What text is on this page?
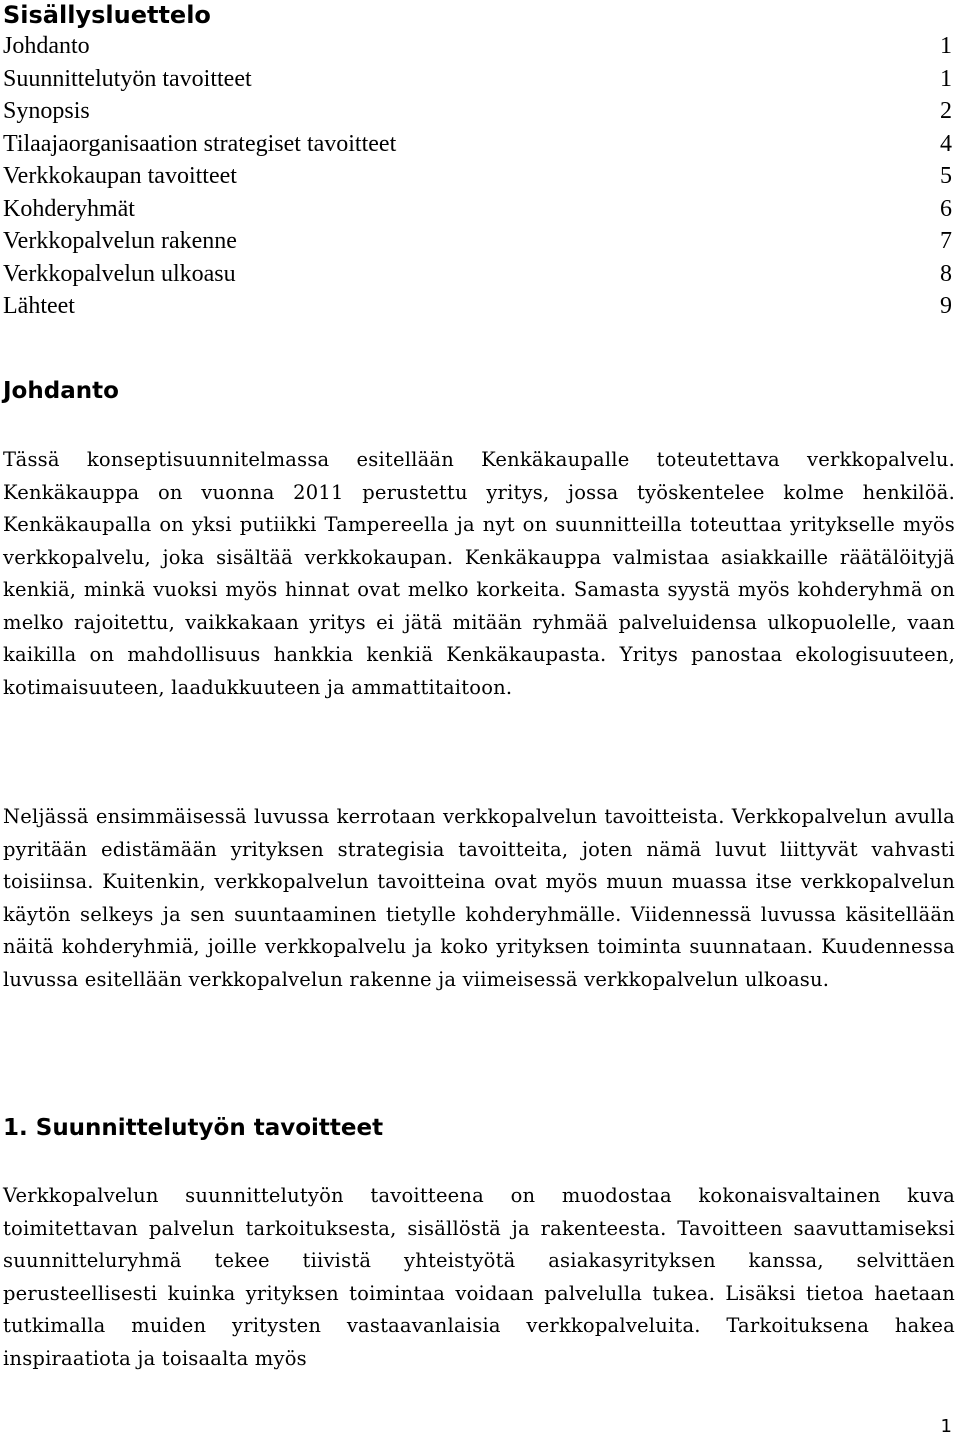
Sisällysluettelo
Johdanto	1
Suunnittelutyön tavoitteet	1
Synopsis	2
Tilaajaorganisaation strategiset tavoitteet	4
Verkkokaupan tavoitteet	5
Kohderyhmät	6
Verkkopalvelun rakenne	7
Verkkopalvelun ulkoasu	8
Lähteet	9
Johdanto

Tässä konseptisuunnitelmassa esitellään Kenkäkaupalle toteutettava verkkopalvelu. Kenkäkauppa on vuonna 2011 perustettu yritys, jossa työskentelee kolme henkilöä. Kenkäkaupalla on yksi putiikki Tampereella ja nyt on suunnitteilla toteuttaa yritykselle myös verkkopalvelu, joka sisältää verkkokaupan. Kenkäkauppa valmistaa asiakkaille räätälöityjä kenkiä, minkä vuoksi myös hinnat ovat melko korkeita. Samasta syystä myös kohderyhmä on melko rajoitettu, vaikkakaan yritys ei jätä mitään ryhmää palveluidensa ulkopuolelle, vaan kaikilla on mahdollisuus hankkia kenkiä Kenkäkaupasta. Yritys panostaa ekologisuuteen, kotimaisuuteen, laadukkuuteen ja ammattitaitoon.

Neljässä ensimmäisessä luvussa kerrotaan verkkopalvelun tavoitteista. Verkkopalvelun avulla pyritään edistämään yrityksen strategisia tavoitteita, joten nämä luvut liittyvät vahvasti toisiinsa. Kuitenkin, verkkopalvelun tavoitteina ovat myös muun muassa itse verkkopalvelun käytön selkeys ja sen suuntaaminen tietylle kohderyhmälle. Viidennessä luvussa käsitellään näitä kohderyhmiä, joille verkkopalvelu ja koko yrityksen toiminta suunnataan. Kuudennessa luvussa esitellään verkkopalvelun rakenne ja viimeisessä verkkopalvelun ulkoasu.

1. Suunnittelutyön tavoitteet

Verkkopalvelun suunnittelutyön tavoitteena on muodostaa kokonaisvaltainen kuva toimitettavan palvelun tarkoituksesta, sisällöstä ja rakenteesta. Tavoitteen saavuttamiseksi suunnitteluryhmä tekee tiivistä yhteistyötä asiakasyrityksen kanssa, selvittäen perusteellisesti kuinka yrityksen toimintaa voidaan palvelulla tukea. Lisäksi tietoa haetaan tutkimalla muiden yritysten vastaavanlaisia verkkopalveluita. Tarkoituksena hakea inspiraatiota ja toisaalta myös

1
